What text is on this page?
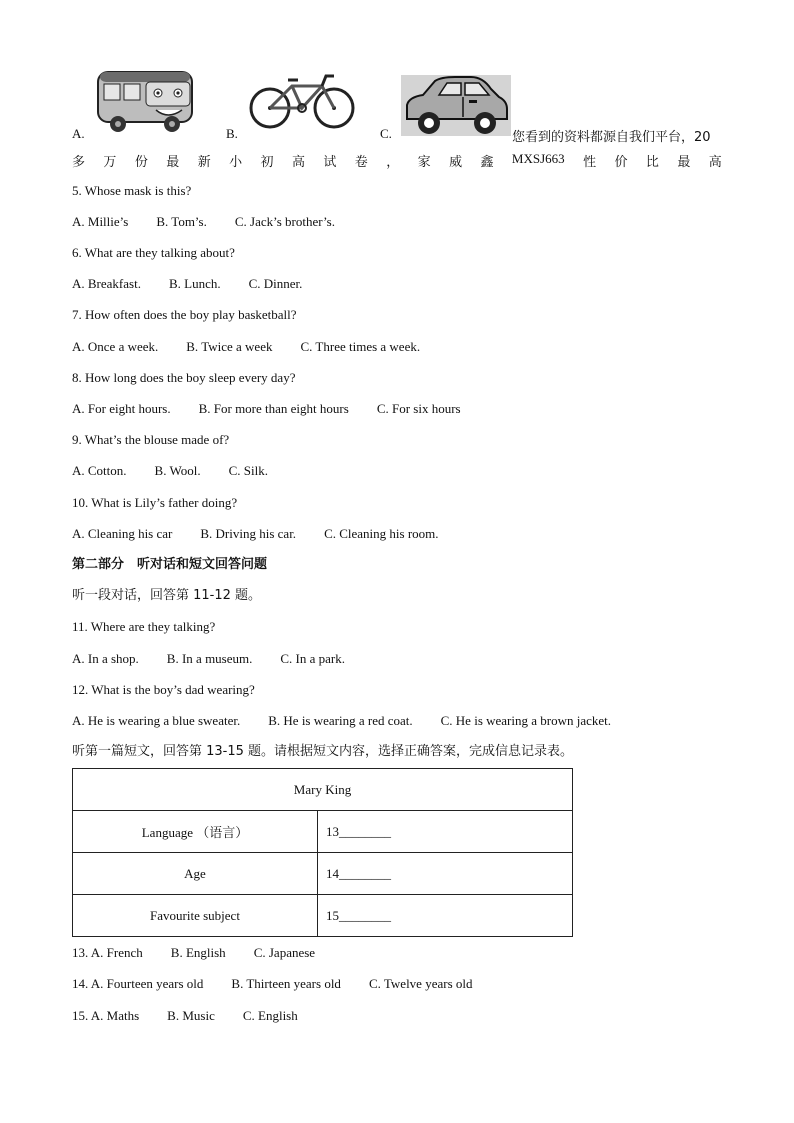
A.	B.	C.	您看到的资料都源自我们平台，20
多 万 份 最 新 小 初 高 试 卷 ， 家 威 鑫 MXSJ663 性 价 比 最 高
5. Whose mask is this?
A. Millie’s B. Tom’s. C. Jack’s brother’s.
6. What are they talking about?
A. Breakfast. B. Lunch. C. Dinner.
7. How often does the boy play basketball?
A. Once a week. B. Twice a week C. Three times a week.
8. How long does the boy sleep every day?
A. For eight hours. B. For more than eight hours C. For six hours
9. What’s the blouse made of?
A. Cotton. B. Wool. C. Silk.
10. What is Lily’s father doing?
A. Cleaning his car B. Driving his car. C. Cleaning his room.
第二部分　听对话和短文回答问题
听一段对话，回答第 11-12 题。
11. Where are they talking?
A. In a shop. B. In a museum. C. In a park.
12. What is the boy’s dad wearing?
A. He is wearing a blue sweater. B. He is wearing a red coat. C. He is wearing a brown jacket.
听第一篇短文，回答第 13-15 题。请根据短文内容，选择正确答案，完成信息记录表。
Mary King	
Language （语言）	13________
Age	14________
Favourite subject	15________
13. A. French B. English C. Japanese
14. A. Fourteen years old B. Thirteen years old C. Twelve years old
15. A. Maths B. Music C. English
